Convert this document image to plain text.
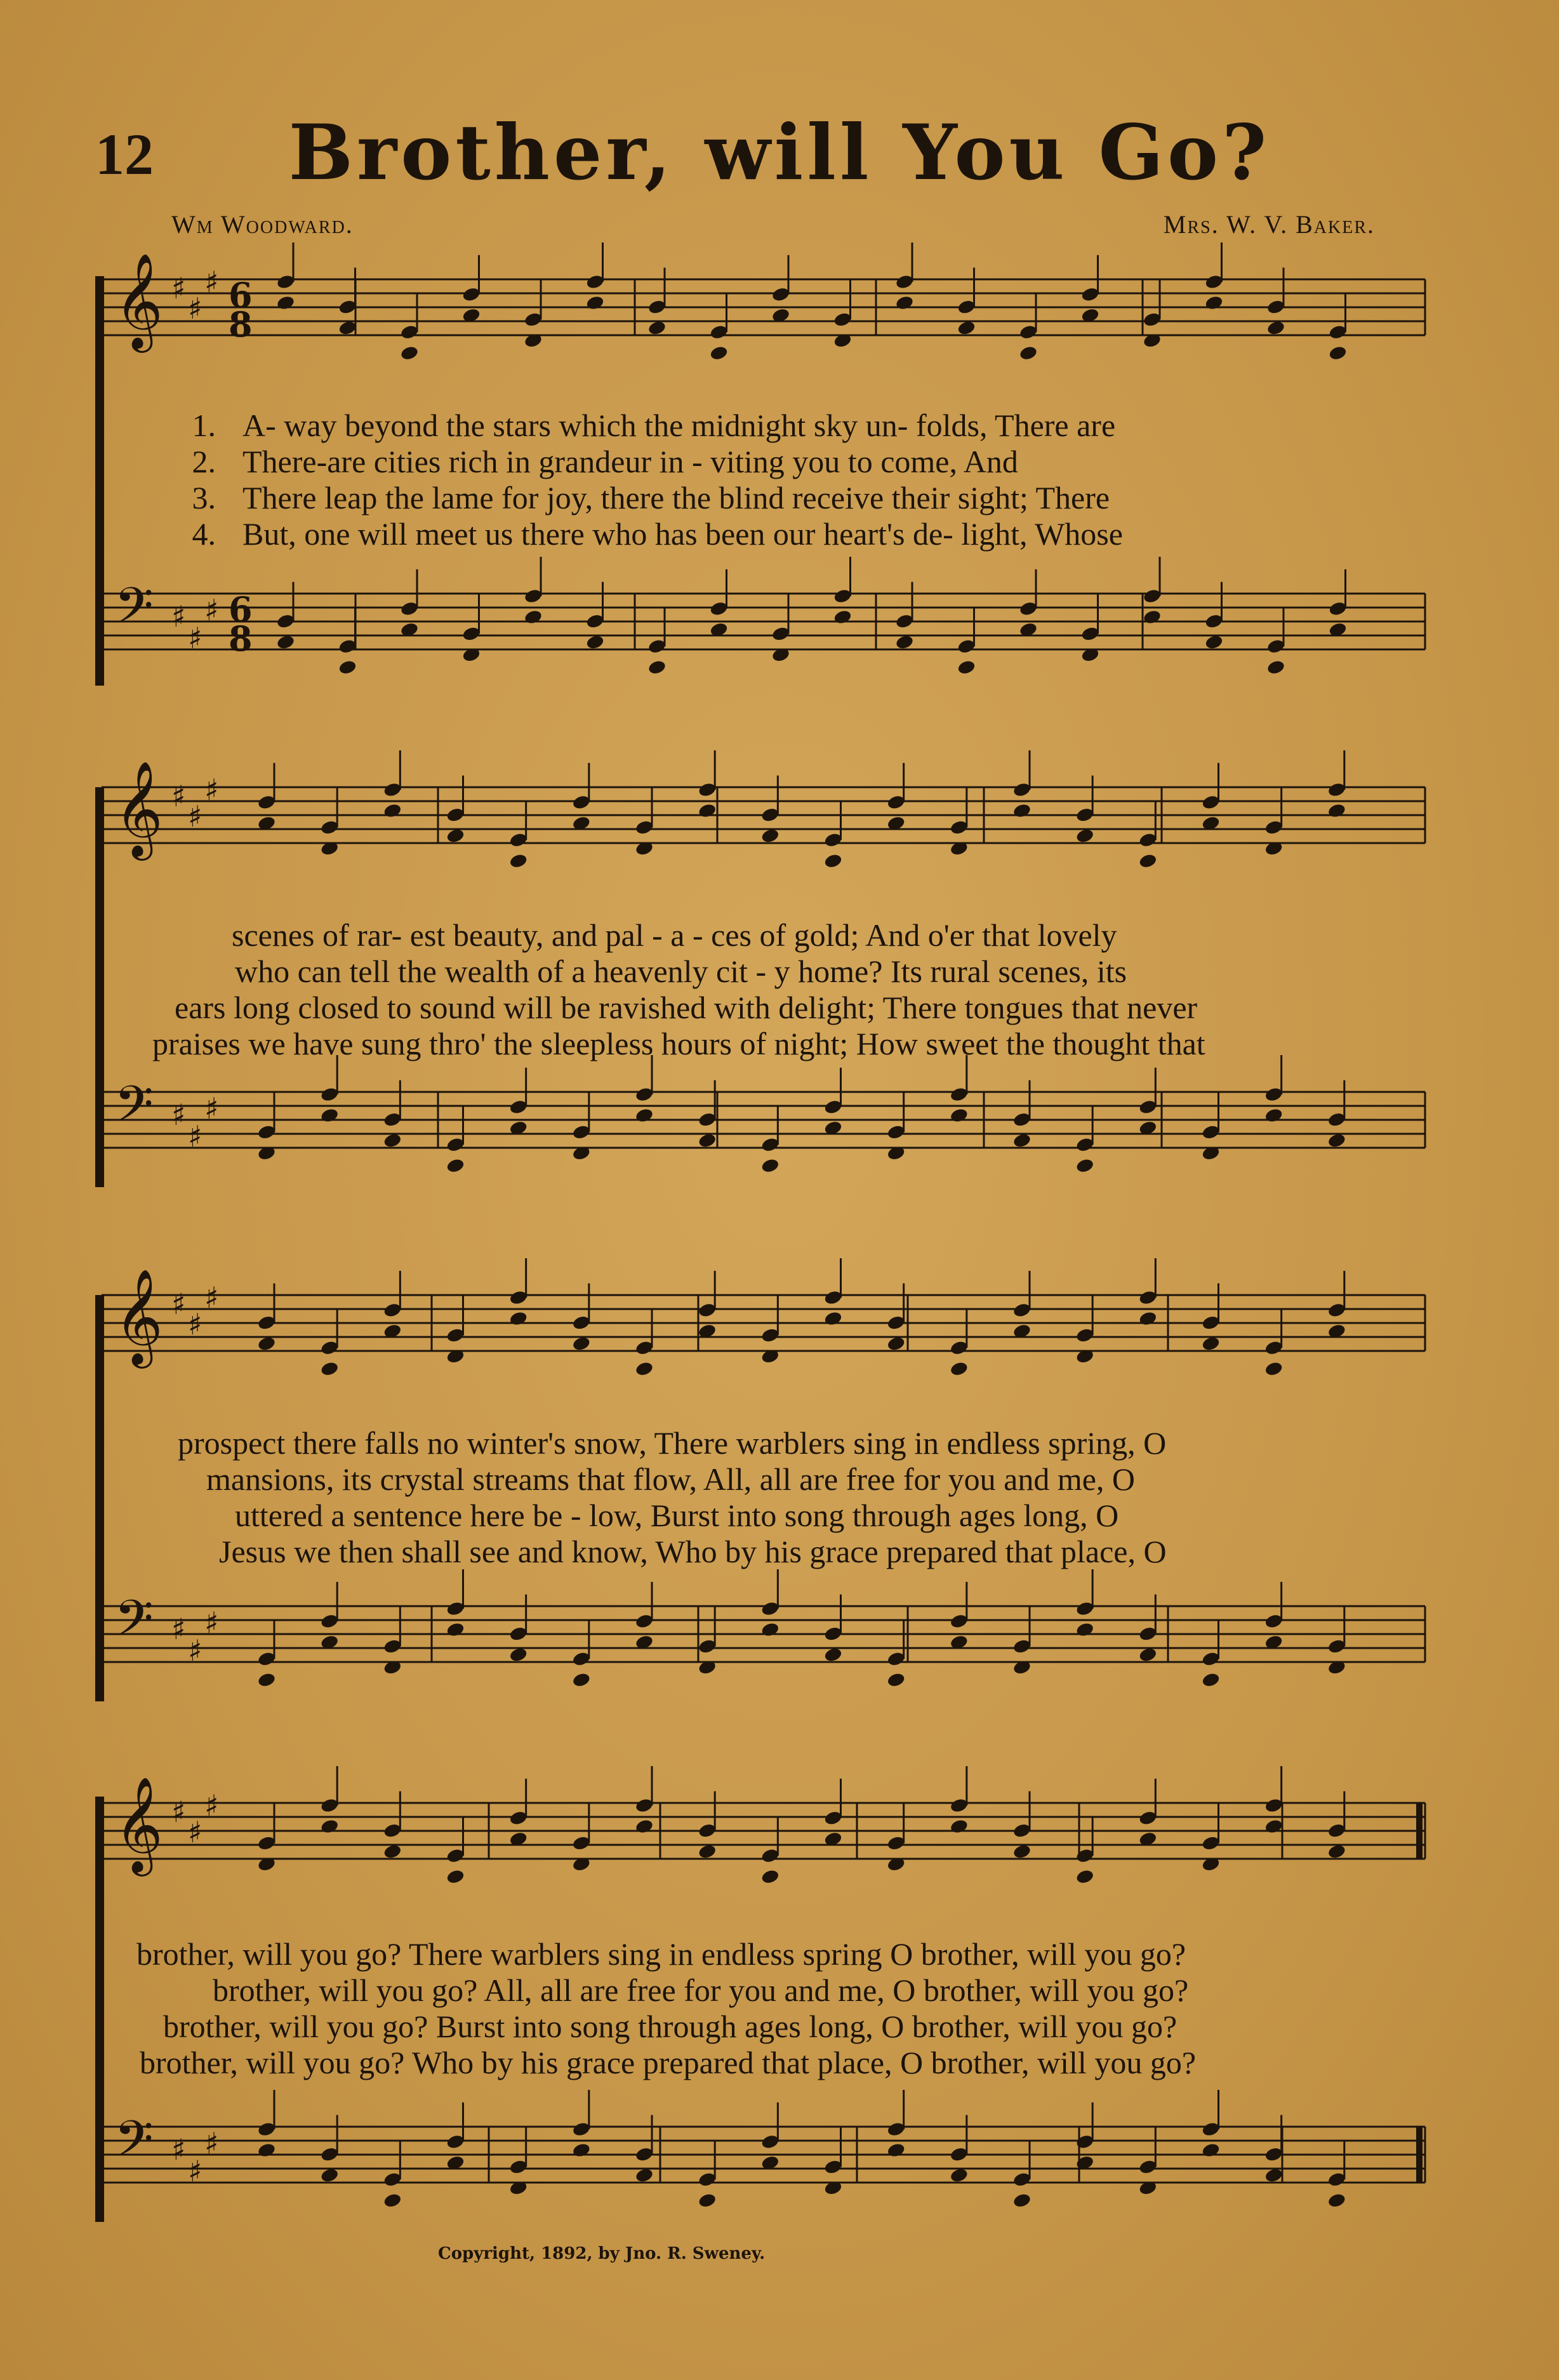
12	Brother, will You Go?
Wm Woodward.	Mrs. W. V. Baker.
1. A- way beyond the stars which the midnight sky un- folds, There are
2. There-are cities rich in grandeur in - viting you to come, And
3. There leap the lame for joy, there the blind receive their sight; There
4. But, one will meet us there who has been our heart's de- light, Whose
scenes of rar- est beauty, and pal - a - ces of gold; And o'er that lovely
who can tell the wealth of a heavenly cit - y home? Its rural scenes, its
ears long closed to sound will be ravished with delight; There tongues that never
praises we have sung thro' the sleepless hours of night; How sweet the thought that
prospect there falls no winter's snow, There warblers sing in endless spring, O
mansions, its crystal streams that flow, All, all are free for you and me, O
uttered a sentence here be - low, Burst into song through ages long, O
Jesus we then shall see and know, Who by his grace prepared that place, O
brother, will you go? There warblers sing in endless spring O brother, will you go?
brother, will you go? All, all are free for you and me, O brother, will you go?
brother, will you go? Burst into song through ages long, O brother, will you go?
brother, will you go? Who by his grace prepared that place, O brother, will you go?
Copyright, 1892, by Jno. R. Sweney.
𝄞 ♯
♯
♯ 6
8
𝄢 ♯
♯
♯ 6
8
𝄞 ♯
♯
♯
𝄢 ♯
♯
♯
𝄞 ♯
♯
♯
𝄢 ♯
♯
♯
𝄞 ♯
♯
♯
𝄢 ♯
♯
♯
